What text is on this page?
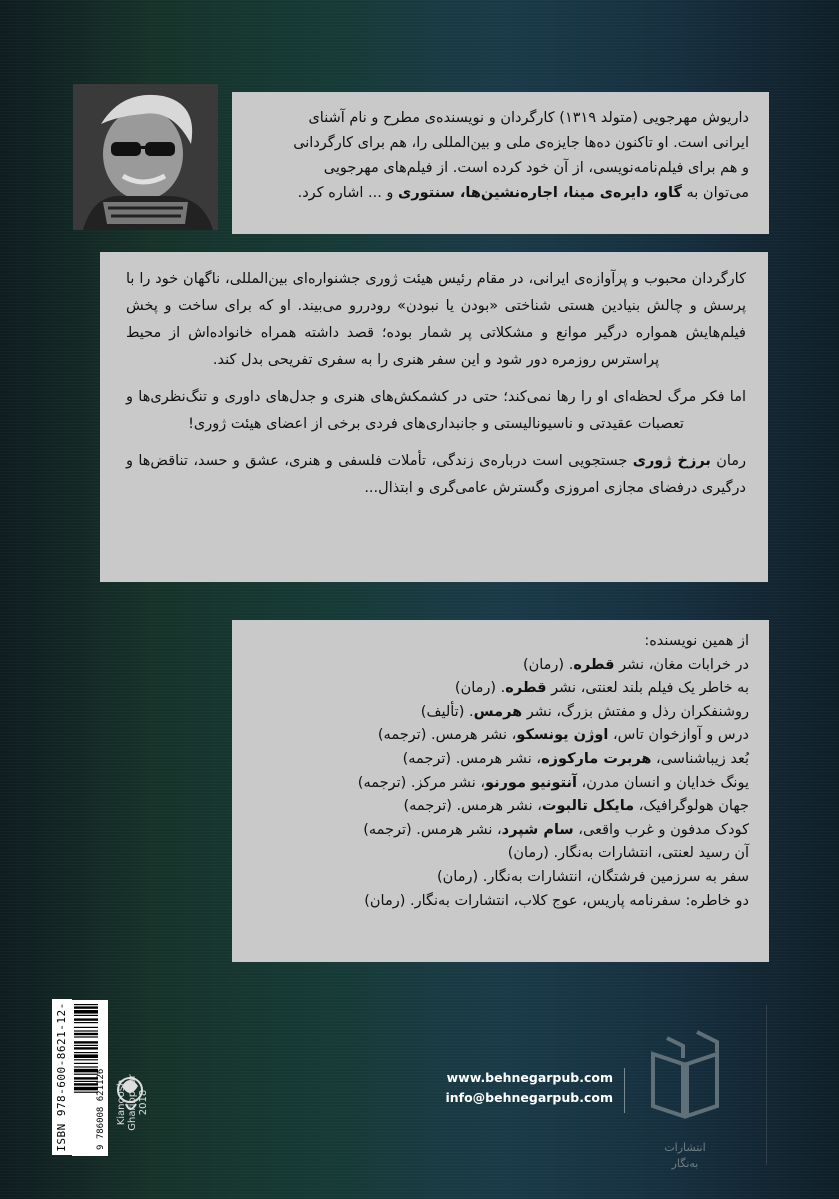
داریوش مهرجویی (متولد ۱۳۱۹) کارگردان و نویسنده‌ی مطرح و نام آشنای
ایرانی است. او تاکنون ده‌ها جایزه‌ی ملی و بین‌المللی را، هم برای کارگردانی
و هم برای فیلم‌نامه‌نویسی، از آن خود کرده است. از فیلم‌های مهرجویی
می‌توان به گاو، دایره‌ی مینا، اجاره‌نشین‌ها، سنتوری و ... اشاره کرد.

کارگردان محبوب و پرآوازه‌ی ایرانی، در مقام رئیس هیئت ژوری جشنواره‌ای بین‌المللی، ناگهان خود را با پرسش و چالش بنیادین هستی شناختی «بودن یا نبودن» رودررو می‌بیند. او که برای ساخت و پخش فیلم‌هایش همواره درگیر موانع و مشکلاتی پر شمار بوده؛ قصد داشته همراه خانواده‌اش از محیط پراسترس روزمره دور شود و این سفر هنری را به سفری تفریحی بدل کند.

اما فکر مرگ لحظه‌ای او را رها نمی‌کند؛ حتی در کشمکش‌های هنری و جدل‌های داوری و تنگ‌نظری‌ها و تعصبات عقیدتی و ناسیونالیستی و جانبداری‌های فردی برخی از اعضای هیئت ژوری!

رمان برزخ ژوری جستجویی است درباره‌ی زندگی، تأملات فلسفی و هنری، عشق و حسد، تناقض‌ها و درگیری درفضای مجازی امروزی وگسترش عامی‌گری و ابتذال...

از همین نویسنده:
در خرابات مغان، نشر قطره. (رمان)
به خاطر یک فیلم بلند لعنتی، نشر قطره. (رمان)
روشنفکران رذل و مفتش بزرگ، نشر هرمس. (تألیف)
درس و آوازخوان تاس، اوژن یونسکو، نشر هرمس. (ترجمه)
بُعد زیباشناسی، هربرت مارکوزه، نشر هرمس. (ترجمه)
یونگ خدایان و انسان مدرن، آنتونیو مورنو، نشر مرکز. (ترجمه)
جهان هولوگرافیک، مایکل تالبوت، نشر هرمس. (ترجمه)
کودک مدفون و غرب واقعی، سام شپرد، نشر هرمس. (ترجمه)
آن رسید لعنتی، انتشارات به‌نگار. (رمان)
سفر به سرزمین فرشتگان، انتشارات به‌نگار. (رمان)
دو خاطره: سفرنامه پاریس، عوج کلاب، انتشارات به‌نگار. (رمان)
ISBN 978-600-8621-12-
9 786008 621126 Kianoosh Gharibpour 2018
www.behnegarpub.com
info@behnegarpub.com
انتشارات
به‌نگار
